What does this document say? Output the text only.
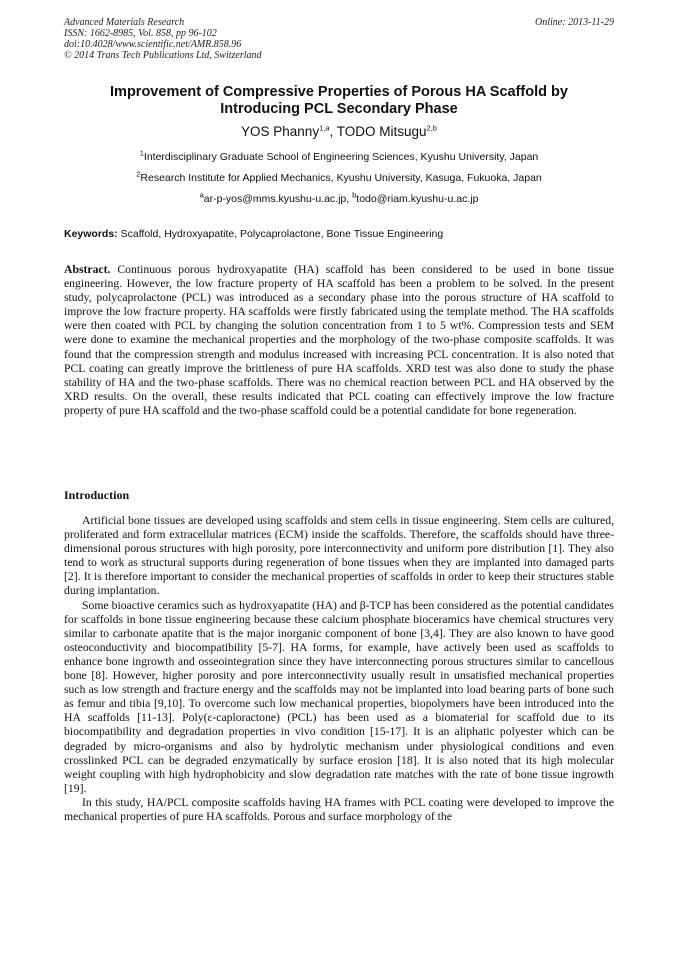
Advanced Materials Research
ISSN: 1662-8985, Vol. 858, pp 96-102
doi:10.4028/www.scientific.net/AMR.858.96
© 2014 Trans Tech Publications Ltd, Switzerland
Online: 2013-11-29
Improvement of Compressive Properties of Porous HA Scaffold by
Introducing PCL Secondary Phase
YOS Phanny$^{1,a}$, TODO Mitsugu$^{2,b}$
$^1$Interdisciplinary Graduate School of Engineering Sciences, Kyushu University, Japan
$^2$Research Institute for Applied Mechanics, Kyushu University, Kasuga, Fukuoka, Japan
$^a$ar-p-yos@mms.kyushu-u.ac.jp, $^b$todo@riam.kyushu-u.ac.jp
Keywords: Scaffold, Hydroxyapatite, Polycaprolactone, Bone Tissue Engineering

Abstract. Continuous porous hydroxyapatite (HA) scaffold has been considered to be used in bone tissue engineering. However, the low fracture property of HA scaffold has been a problem to be solved. In the present study, polycaprolactone (PCL) was introduced as a secondary phase into the porous structure of HA scaffold to improve the low fracture property. HA scaffolds were firstly fabricated using the template method. The HA scaffolds were then coated with PCL by changing the solution concentration from 1 to 5 wt%. Compression tests and SEM were done to examine the mechanical properties and the morphology of the two-phase composite scaffolds. It was found that the compression strength and modulus increased with increasing PCL concentration. It is also noted that PCL coating can greatly improve the brittleness of pure HA scaffolds. XRD test was also done to study the phase stability of HA and the two-phase scaffolds. There was no chemical reaction between PCL and HA observed by the XRD results. On the overall, these results indicated that PCL coating can effectively improve the low fracture property of pure HA scaffold and the two-phase scaffold could be a potential candidate for bone regeneration.

Introduction

Artificial bone tissues are developed using scaffolds and stem cells in tissue engineering. Stem cells are cultured, proliferated and form extracellular matrices (ECM) inside the scaffolds. Therefore, the scaffolds should have three-dimensional porous structures with high porosity, pore interconnectivity and uniform pore distribution [1]. They also tend to work as structural supports during regeneration of bone tissues when they are implanted into damaged parts [2]. It is therefore important to consider the mechanical properties of scaffolds in order to keep their structures stable during implantation.

Some bioactive ceramics such as hydroxyapatite (HA) and β-TCP has been considered as the potential candidates for scaffolds in bone tissue engineering because these calcium phosphate bioceramics have chemical structures very similar to carbonate apatite that is the major inorganic component of bone [3,4]. They are also known to have good osteoconductivity and biocompatibility [5-7]. HA forms, for example, have actively been used as scaffolds to enhance bone ingrowth and osseointegration since they have interconnecting porous structures similar to cancellous bone [8]. However, higher porosity and pore interconnectivity usually result in unsatisfied mechanical properties such as low strength and fracture energy and the scaffolds may not be implanted into load bearing parts of bone such as femur and tibia [9,10]. To overcome such low mechanical properties, biopolymers have been introduced into the HA scaffolds [11-13]. Poly(ε-caploractone) (PCL) has been used as a biomaterial for scaffold due to its biocompatibility and degradation properties in vivo condition [15-17]. It is an aliphatic polyester which can be degraded by micro-organisms and also by hydrolytic mechanism under physiological conditions and even crosslinked PCL can be degraded enzymatically by surface erosion [18]. It is also noted that its high molecular weight coupling with high hydrophobicity and slow degradation rate matches with the rate of bone tissue ingrowth [19].

In this study, HA/PCL composite scaffolds having HA frames with PCL coating were developed to improve the mechanical properties of pure HA scaffolds. Porous and surface morphology of the
